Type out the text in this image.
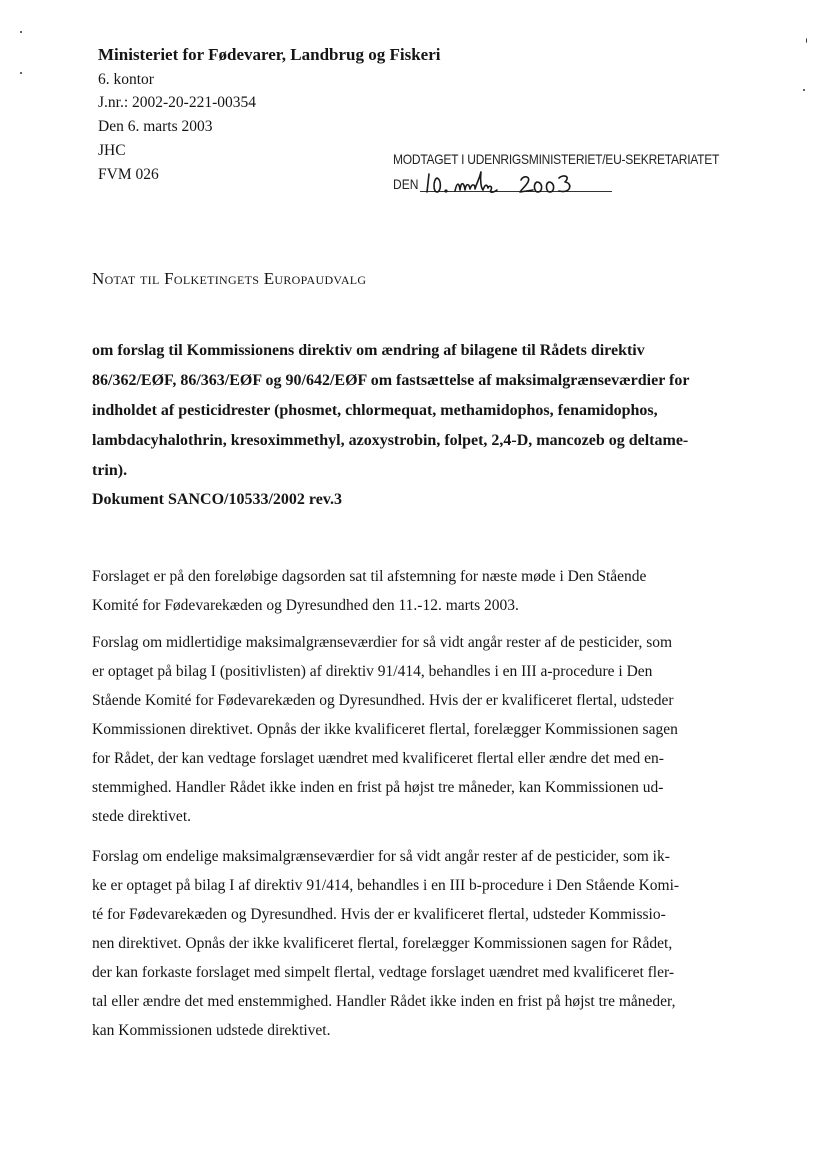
Ministeriet for Fødevarer, Landbrug og Fiskeri
6. kontor
J.nr.: 2002-20-221-00354
Den 6. marts 2003
JHC
FVM 026
MODTAGET I UDENRIGSMINISTERIET/EU-SEKRETARIATET
DEN
Notat til Folketingets Europaudvalg
om forslag til Kommissionens direktiv om ændring af bilagene til Rådets direktiv
86/362/EØF, 86/363/EØF og 90/642/EØF om fastsættelse af maksimalgrænseværdier for
indholdet af pesticidrester (phosmet, chlormequat, methamidophos, fenamidophos,
lambdacyhalothrin, kresoximmethyl, azoxystrobin, folpet, 2,4-D, mancozeb og deltame-
trin).
Dokument SANCO/10533/2002 rev.3
Forslaget er på den foreløbige dagsorden sat til afstemning for næste møde i Den Stående
Komité for Fødevarekæden og Dyresundhed den 11.-12. marts 2003.
Forslag om midlertidige maksimalgrænseværdier for så vidt angår rester af de pesticider, som
er optaget på bilag I (positivlisten) af direktiv 91/414, behandles i en III a-procedure i Den
Stående Komité for Fødevarekæden og Dyresundhed. Hvis der er kvalificeret flertal, udsteder
Kommissionen direktivet. Opnås der ikke kvalificeret flertal, forelægger Kommissionen sagen
for Rådet, der kan vedtage forslaget uændret med kvalificeret flertal eller ændre det med en-
stemmighed. Handler Rådet ikke inden en frist på højst tre måneder, kan Kommissionen ud-
stede direktivet.
Forslag om endelige maksimalgrænseværdier for så vidt angår rester af de pesticider, som ik-
ke er optaget på bilag I af direktiv 91/414, behandles i en III b-procedure i Den Stående Komi-
té for Fødevarekæden og Dyresundhed. Hvis der er kvalificeret flertal, udsteder Kommissio-
nen direktivet. Opnås der ikke kvalificeret flertal, forelægger Kommissionen sagen for Rådet,
der kan forkaste forslaget med simpelt flertal, vedtage forslaget uændret med kvalificeret fler-
tal eller ændre det med enstemmighed. Handler Rådet ikke inden en frist på højst tre måneder,
kan Kommissionen udstede direktivet.
